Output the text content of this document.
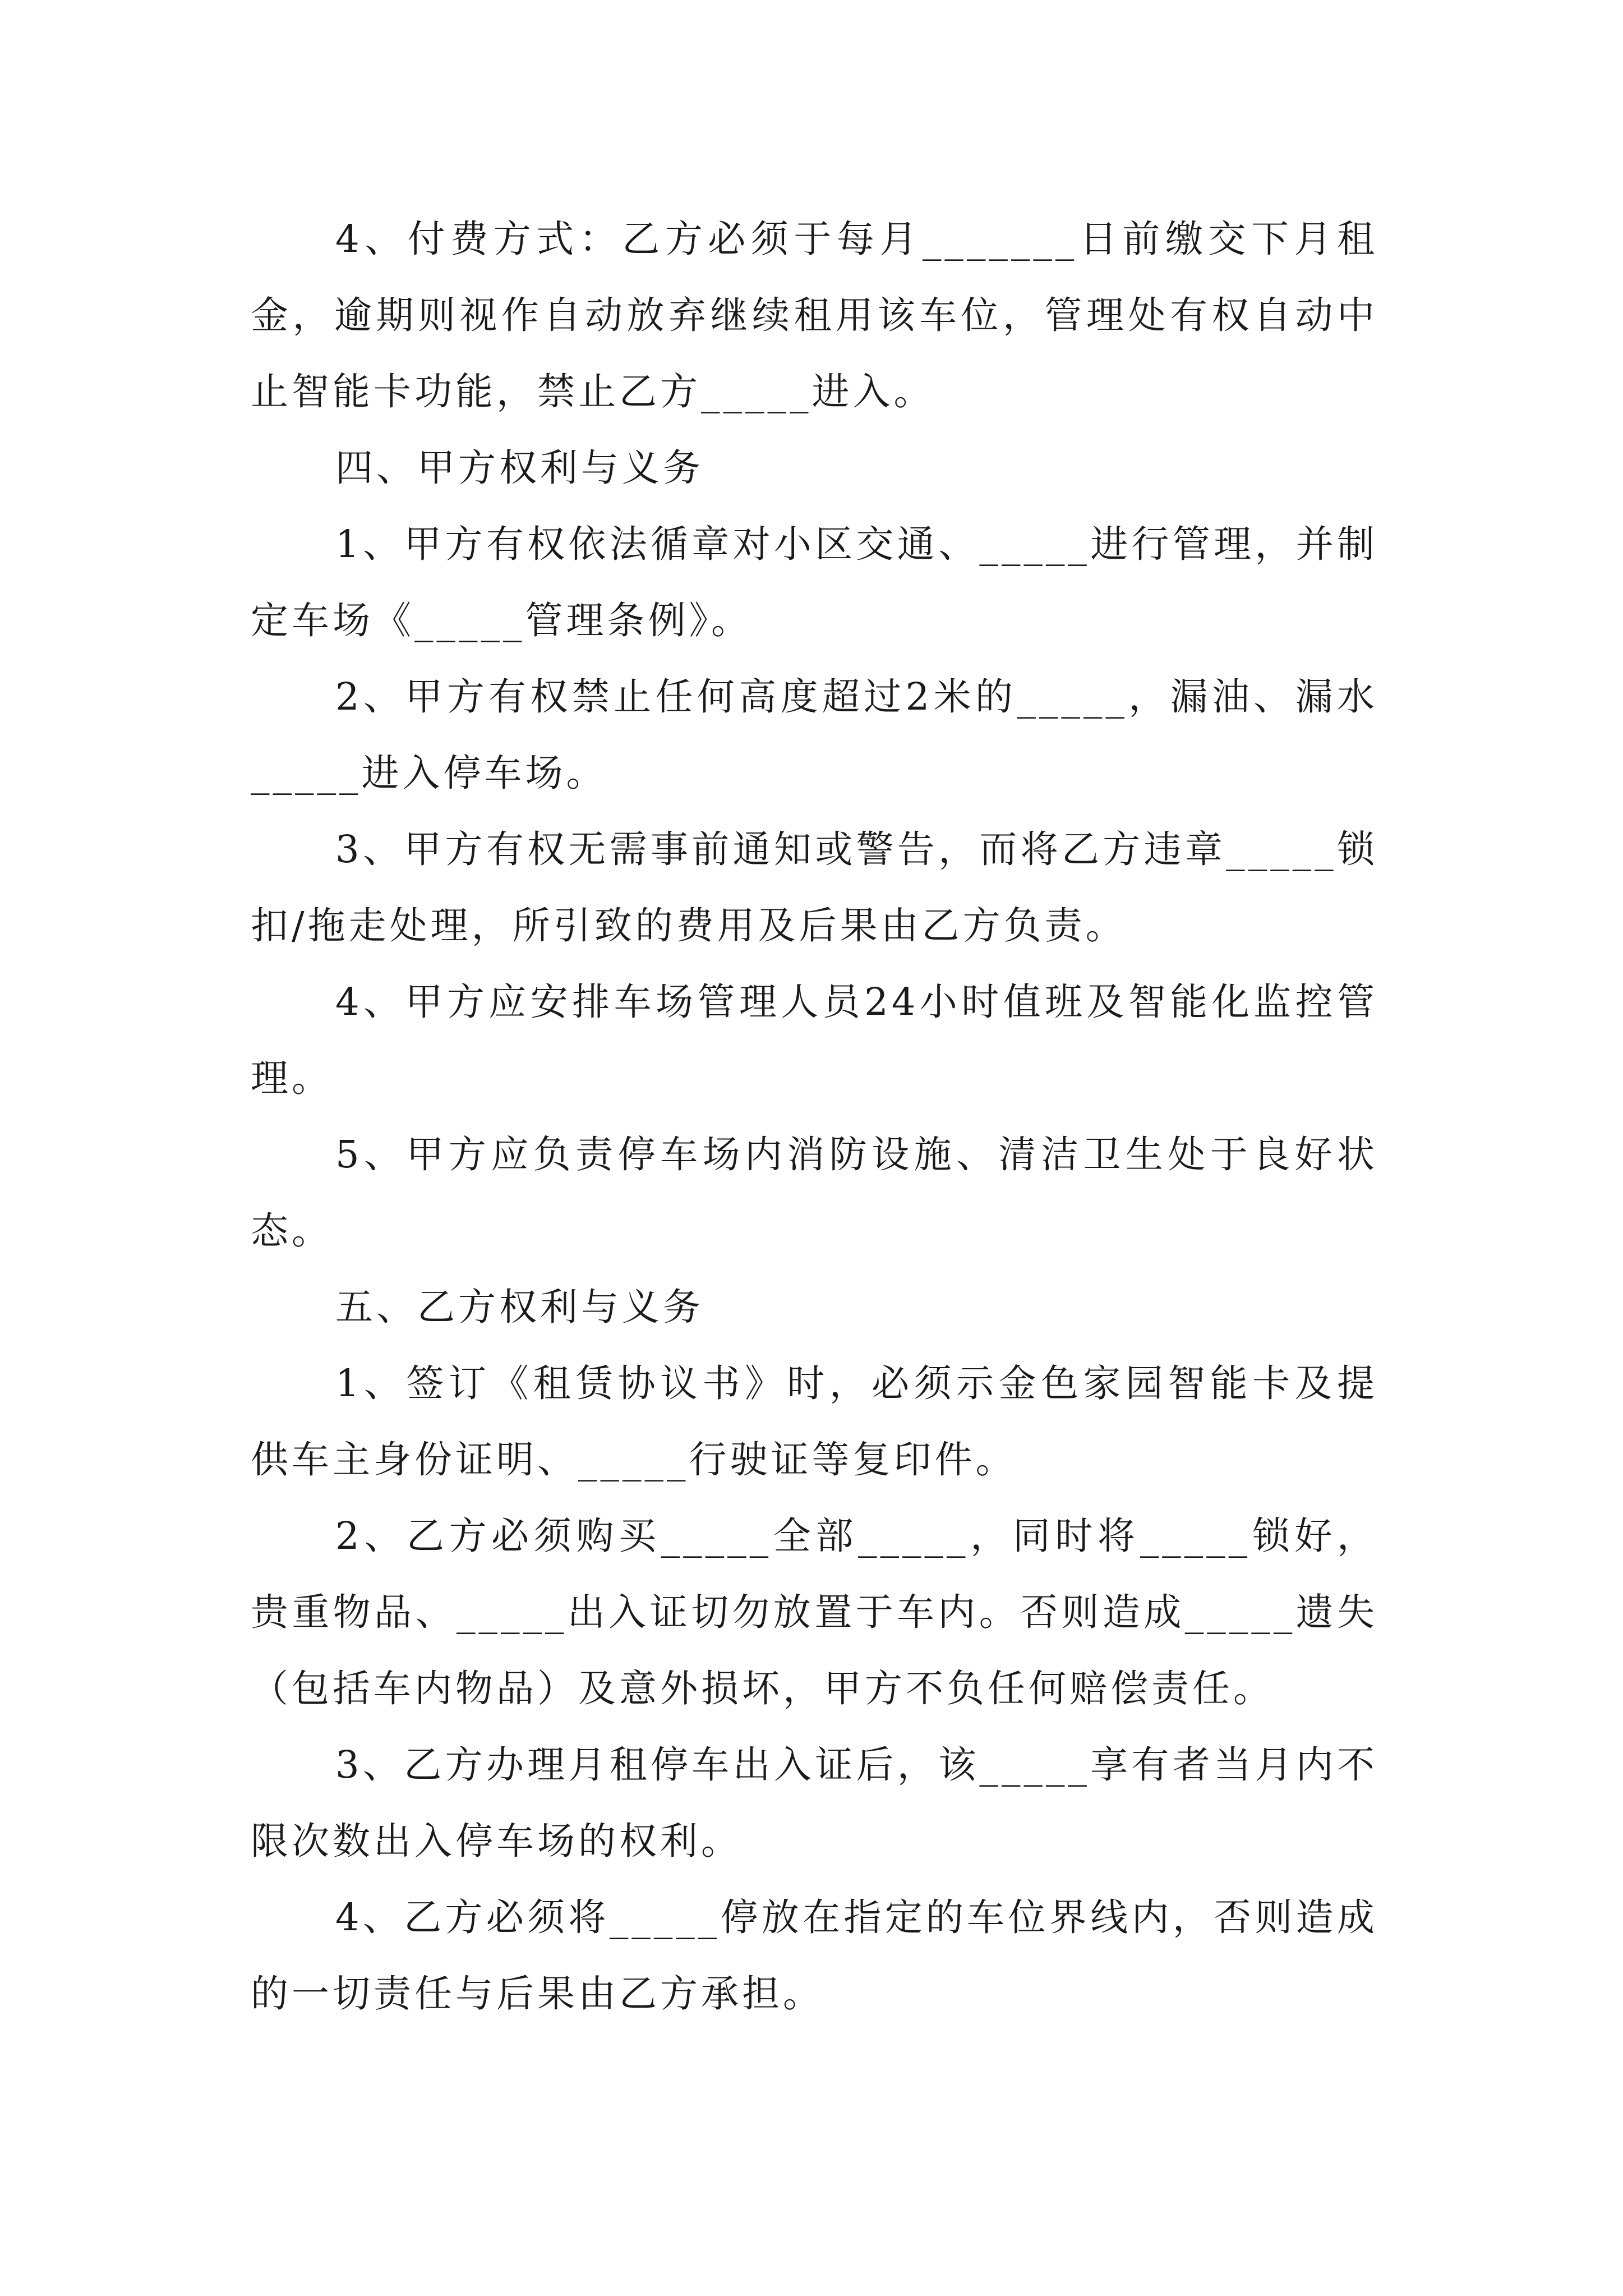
4、付费方式：乙方必须于每月_______日前缴交下月租金，逾期则视作自动放弃继续租用该车位，管理处有权自动中止智能卡功能，禁止乙方_____进入。

四、甲方权利与义务

1、甲方有权依法循章对小区交通、_____进行管理，并制定车场《_____管理条例》。

2、甲方有权禁止任何高度超过2米的_____，漏油、漏水_____进入停车场。

3、甲方有权无需事前通知或警告，而将乙方违章_____锁扣/拖走处理，所引致的费用及后果由乙方负责。

4、甲方应安排车场管理人员24小时值班及智能化监控管理。

5、甲方应负责停车场内消防设施、清洁卫生处于良好状态。

五、乙方权利与义务

1、签订《租赁协议书》时，必须示金色家园智能卡及提供车主身份证明、_____行驶证等复印件。

2、乙方必须购买_____全部_____，同时将_____锁好，贵重物品、_____出入证切勿放置于车内。否则造成_____遗失（包括车内物品）及意外损坏，甲方不负任何赔偿责任。

3、乙方办理月租停车出入证后，该_____享有者当月内不限次数出入停车场的权利。

4、乙方必须将_____停放在指定的车位界线内，否则造成的一切责任与后果由乙方承担。
